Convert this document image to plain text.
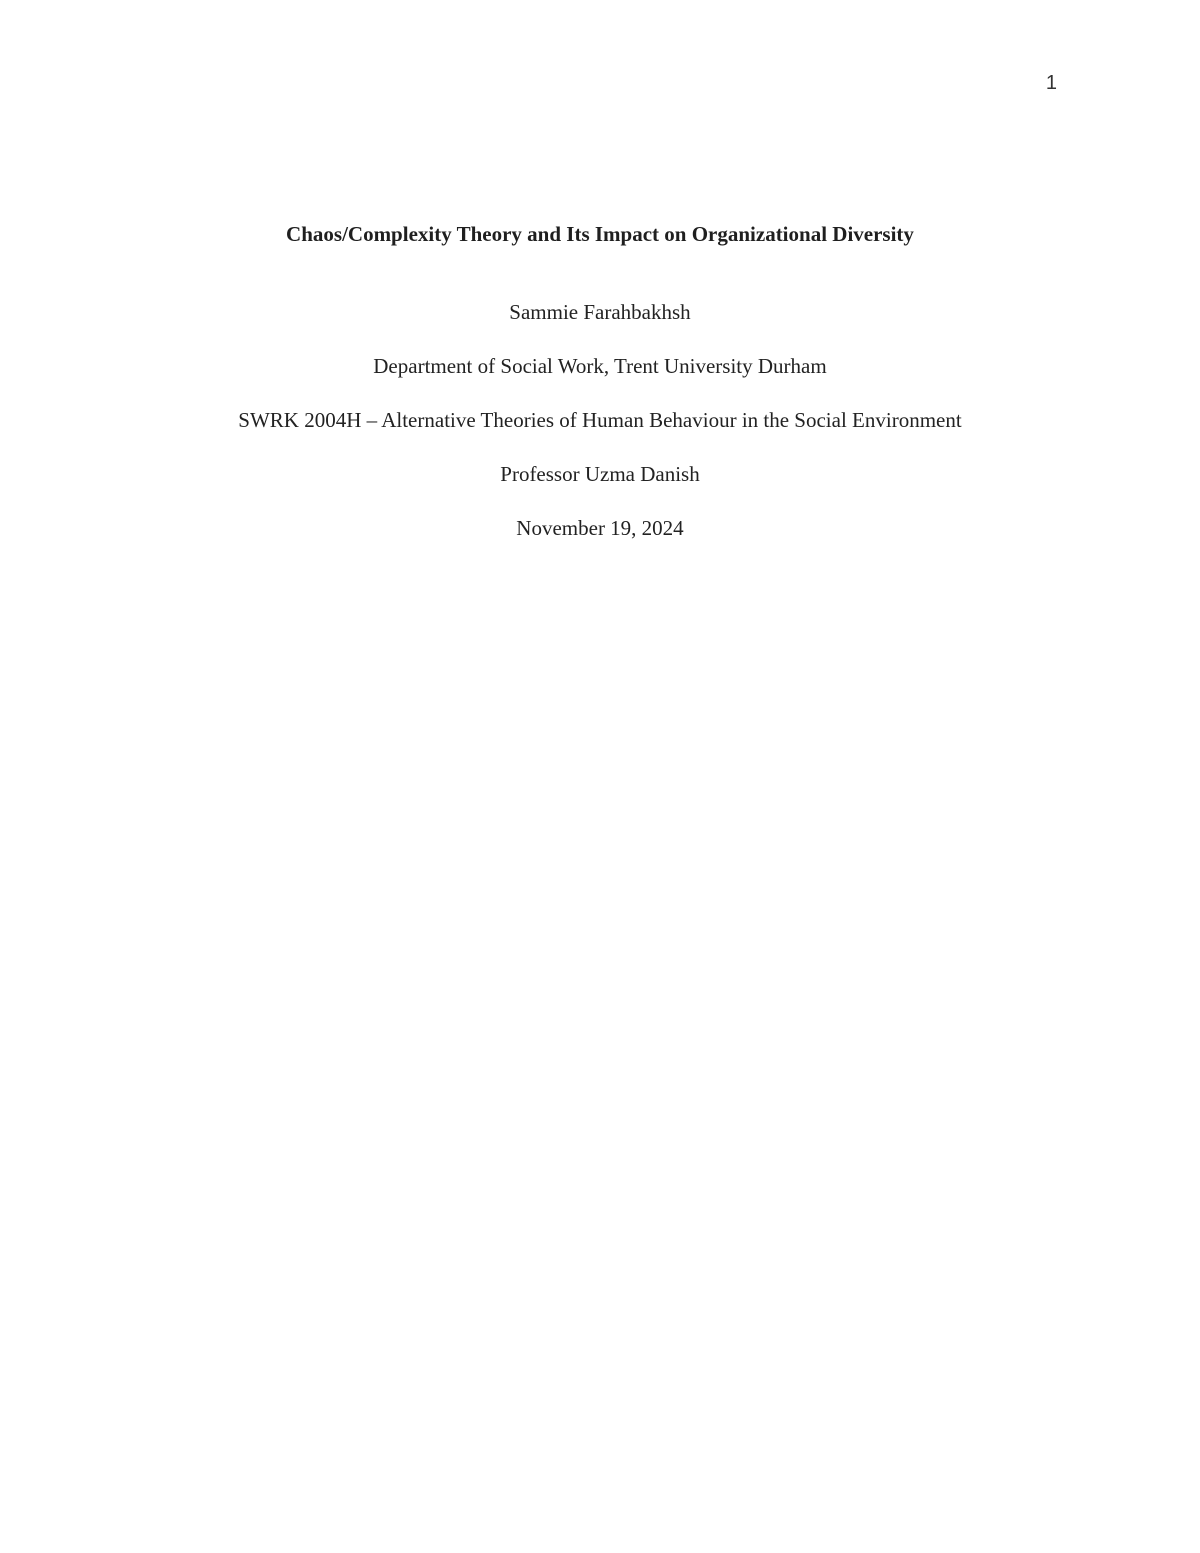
1
Chaos/Complexity Theory and Its Impact on Organizational Diversity
Sammie Farahbakhsh
Department of Social Work, Trent University Durham
SWRK 2004H – Alternative Theories of Human Behaviour in the Social Environment
Professor Uzma Danish
November 19, 2024
